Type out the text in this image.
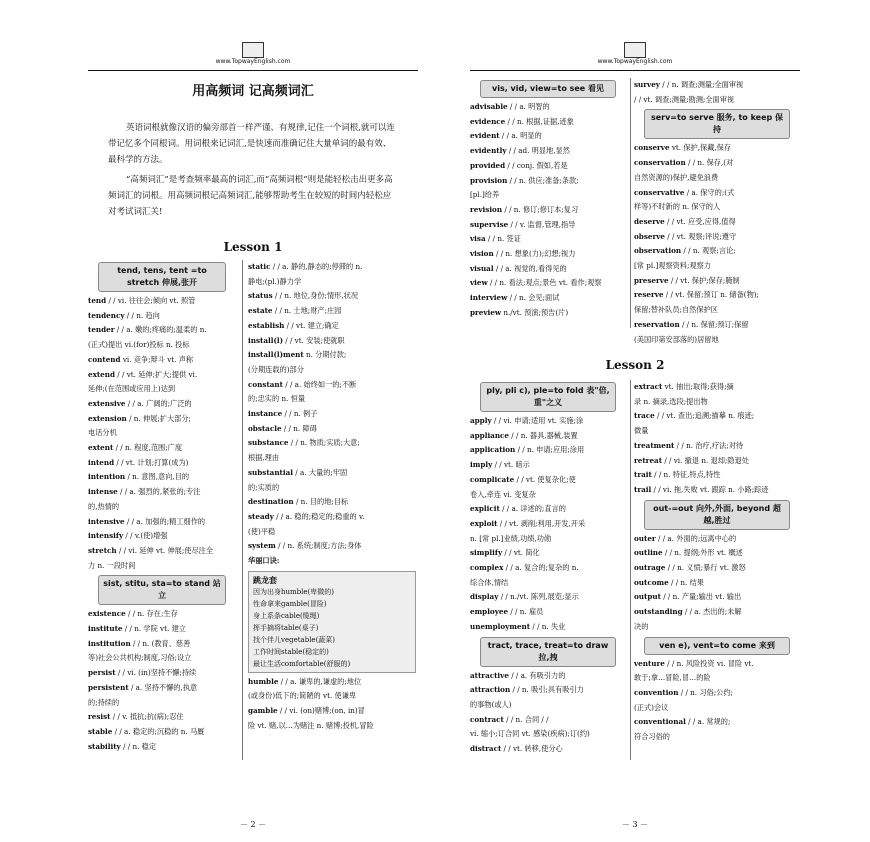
www.TopwayEnglish.com
用高频词 记高频词汇

英语词根就像汉语的偏旁部首一样严谨、有规律,记住一个词根,就可以连带记忆多个同根词。用词根来记词汇,是快速而准确记住大量单词的最有效、最科学的方法。

“高频词汇”是考查频率最高的词汇,而“高频词根”则是能轻松击出更多高频词汇的词根。用高频词根记高频词汇,能够帮助考生在较短的时间内轻松应对考试词汇关!

Lesson 1
tend, tens, tent =to stretch 伸展,张开
tend / / vi. 往往会;倾向 vt. 照管
tendency / / n. 趋向
tender / / a. 嫩的;疼痛的;温柔的 n.
(正式)提出 vi.(for)投标 n. 投标
contend vi. 竞争;辩斗 vt. 声称
extend / / vt. 延伸;扩大;提供 vi.
延伸;(在范围或应用上)达到
extensive / / a. 广阔的;广泛的
extension / n. 伸展;扩大部分;
电话分机
extent / / n. 程度,范围;广度
intend / / vt. 计划;打算(成为)
intention / n. 意图,意向,目的
intense / / a. 强烈的,紧张的;专注
的,热情的
intensive / / a. 加强的;精工细作的
intensify / / v.(使)增强
stretch / / vi. 延伸 vt. 伸展;使尽注全
力 n. 一段时间
sist, stitu, sta=to stand 站立
existence / / n. 存在;生存
institute / / n. 学院 vt. 建立
institution / / n. (教育、慈善
等)社会公共机构;制度,习俗;设立
persist / / vi. (in)坚持不懈;持续
persistent / a. 坚持不懈的,执意
的;持续的
resist / / v. 抵抗;抗(病);忍住
stable / / a. 稳定的;沉稳的 n. 马厩
stability / / n. 稳定
static / / a. 静的,静态的;停滞的 n.
静电;(pl.)静力学
status / / n. 地位,身份;情形,状况
estate / / n. 土地;财产;庄园
establish / / vt. 建立;确定
install(l) / / vt. 安装;使就职
install(l)ment n. 分期付款;
(分期连载的)部分
constant / / a. 始终如一的;不断
的;忠实的 n. 恒量
instance / / n. 例子
obstacle / / n. 障碍
substance / / n. 物质;实质;大意;
根据,理由
substantial / a. 大量的;牢固
的;实质的
destination / n. 目的地;目标
steady / / a. 稳的;稳定的;稳重的 v.
(使)平稳
system / / n. 系统;制度;方法;身体
华丽口诀:
跳龙套
因为出身humble(卑微的)
性命拿来gamble(冒险)
身上系条cable(缆绳)
挥手摘将table(桌子)
找个伴儿vegetable(蔬菜)
工作时间stable(稳定的)
最让生活comfortable(舒服的)
humble / / a. 谦卑的,谦虚的;地位
(或身份)低下的;简陋的 vt. 使谦卑
gamble / / vi. (on)赌博;(on, in)冒
险 vt. 赌,以…为赌注 n. 赌博;投机,冒险
－ 2 －
www.TopwayEnglish.com
vis, vid, view=to see 看见
advisable / / a. 明智的
evidence / / n. 根据,证据,迹象
evident / / a. 明显的
evidently / / ad. 明显地,显然
provided / / conj. 假如,若是
provision / / n. 供应;准备;条款;
[pl.]给养
revision / / n. 修订;修订本;复习
supervise / / v. 监督,管理,指导
visa / / n. 签证
vision / / n. 想象(力);幻想;视力
visual / / a. 视觉的,看得见的
view / / n. 看法;观点;景色 vt. 看作;观察
interview / / n. 会见;面试
preview n./vt. 预演;预告(片)
survey / / n. 调查;测量;全面审视
/ / vt. 调查;测量;勘测;全面审视
serv=to serve 服务, to keep 保持
conserve vt. 保护,保藏,保存
conservation / / n. 保存,(对
自然资源的)保护,避免浪费
conservative / a. 保守的;(式
样等)不时新的 n. 保守的人
deserve / / vt. 应受,应得,值得
observe / / vt. 观察;评说;遵守
observation / / n. 观察;言论;
[常 pl.]观察资料;观察力
preserve / / vt. 保护;保存;腌制
reserve / / vt. 保留;预订 n. 储备(物);
保留;替补队员;自然保护区
reservation / / n. 保留;预订;保留
(美国印第安部落的)居留地
Lesson 2
ply, pli c), ple=to fold 表"倍,重"之义
apply / / vi. 申请;适用 vt. 实施;涂
appliance / / n. 器具,器械,装置
application / / n. 申请;应用;涂用
imply / / vt. 暗示
complicate / / vt. 使复杂化;使
卷入,牵连 vi. 变复杂
explicit / / a. 详述的;直言的
exploit / / vt. 剥削;利用,开发,开采
n. [常 pl.]业绩,功绩,功勋
simplify / / vt. 简化
complex / / a. 复合的;复杂的 n.
综合体,情结
display / / n./vt. 陈列,展览;显示
employee / / n. 雇员
unemployment / / n. 失业
tract, trace, treat=to draw 拉,拽
attractive / / a. 有吸引力的
attraction / / n. 吸引;具有吸引力
的事物(或人)
contract / / n. 合同 / /
vi. 缩小;订合同 vt. 感染(疾病);订(约)
distract / / vt. 转移,使分心
extract vt. 抽出;取得;获得;摘
录 n. 摘录,选段;提出物
trace / / vt. 查出;追溯;描摹 n. 痕迹;
微量
treatment / / n. 治疗,疗法;对待
retreat / / vi. 撤退 n. 退却;隐退处
trait / / n. 特征,特点,特性
trail / / vi. 拖,失败 vt. 跟踪 n. 小路;踪迹
out-=out 向外,外面, beyond 超越,胜过
outer / / a. 外面的;远离中心的
outline / / n. 提纲;外形 vt. 概述
outrage / / n. 义愤;暴行 vt. 激怒
outcome / / n. 结果
output / / n. 产量;输出 vt. 输出
outstanding / / a. 杰出的;未解
决的
ven e), vent=to come 来到
venture / / n. 风险投资 vi. 冒险 vt.
敢于;拿…冒险,冒…的险
convention / / n. 习俗;公约;
(正式)会议
conventional / / a. 常规的;
符合习俗的
－ 3 －
